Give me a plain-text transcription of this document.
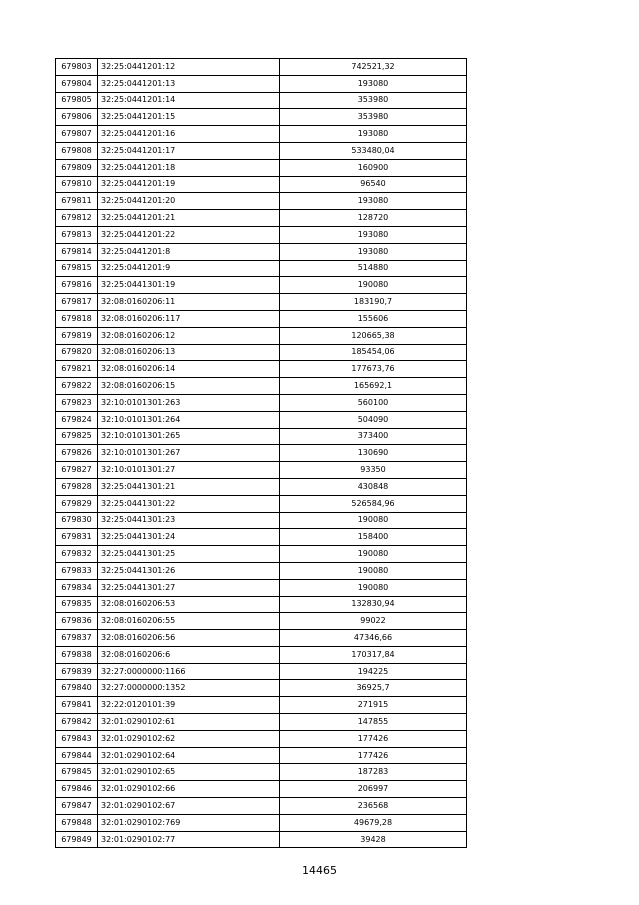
679803	32:25:0441201:12	742521,32
679804	32:25:0441201:13	193080
679805	32:25:0441201:14	353980
679806	32:25:0441201:15	353980
679807	32:25:0441201:16	193080
679808	32:25:0441201:17	533480,04
679809	32:25:0441201:18	160900
679810	32:25:0441201:19	96540
679811	32:25:0441201:20	193080
679812	32:25:0441201:21	128720
679813	32:25:0441201:22	193080
679814	32:25:0441201:8	193080
679815	32:25:0441201:9	514880
679816	32:25:0441301:19	190080
679817	32:08:0160206:11	183190,7
679818	32:08:0160206:117	155606
679819	32:08:0160206:12	120665,38
679820	32:08:0160206:13	185454,06
679821	32:08:0160206:14	177673,76
679822	32:08:0160206:15	165692,1
679823	32:10:0101301:263	560100
679824	32:10:0101301:264	504090
679825	32:10:0101301:265	373400
679826	32:10:0101301:267	130690
679827	32:10:0101301:27	93350
679828	32:25:0441301:21	430848
679829	32:25:0441301:22	526584,96
679830	32:25:0441301:23	190080
679831	32:25:0441301:24	158400
679832	32:25:0441301:25	190080
679833	32:25:0441301:26	190080
679834	32:25:0441301:27	190080
679835	32:08:0160206:53	132830,94
679836	32:08:0160206:55	99022
679837	32:08:0160206:56	47346,66
679838	32:08:0160206:6	170317,84
679839	32:27:0000000:1166	194225
679840	32:27:0000000:1352	36925,7
679841	32:22:0120101:39	271915
679842	32:01:0290102:61	147855
679843	32:01:0290102:62	177426
679844	32:01:0290102:64	177426
679845	32:01:0290102:65	187283
679846	32:01:0290102:66	206997
679847	32:01:0290102:67	236568
679848	32:01:0290102:769	49679,28
679849	32:01:0290102:77	39428
14465
